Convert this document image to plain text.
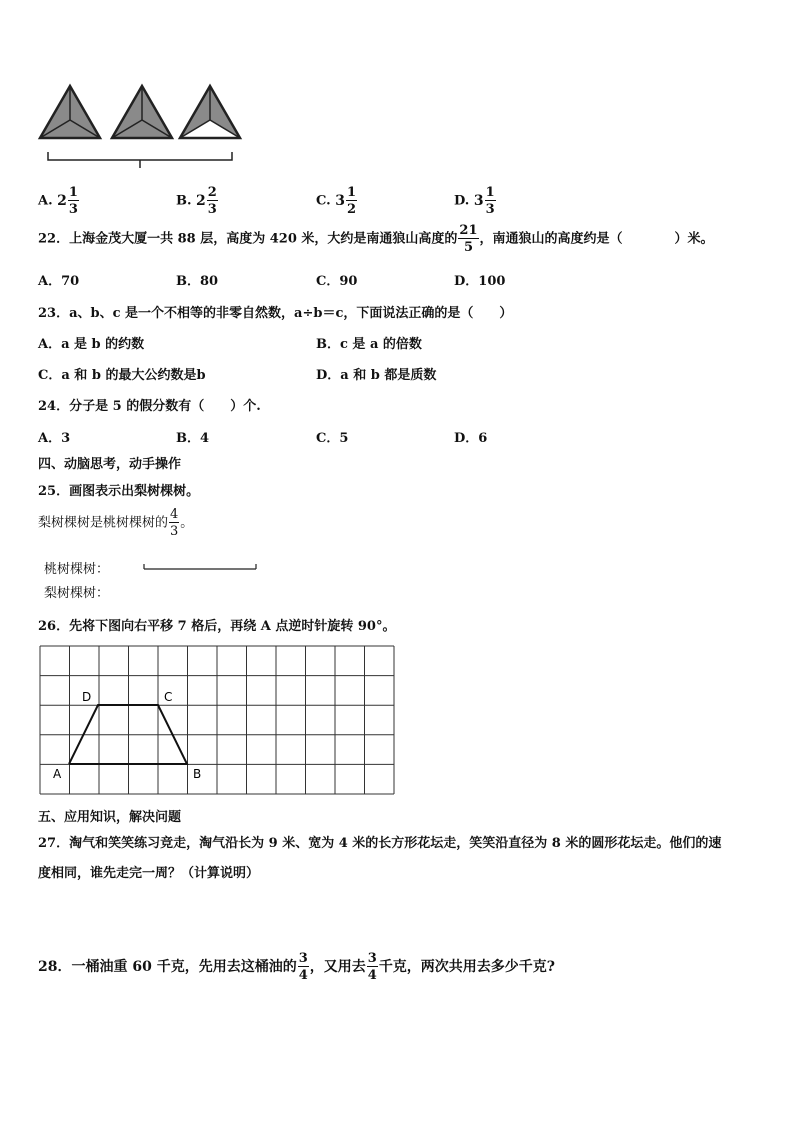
A. $2 \frac{1}{3}$	B. $2 \frac{2}{3}$	C. $3 \frac{1}{2}$	D. $3 \frac{1}{3}$
22．上海金茂大厦一共 88 层，高度为 420 米，大约是南通狼山高度的 $\frac{21}{5}$ ，南通狼山的高度约是（　　　　）米。
A．70	B．80	C．90	D．100
23．a、b、c 是一个不相等的非零自然数，a÷b＝c，下面说法正确的是（　　）
A．a 是 b 的约数	B．c 是 a 的倍数
C．a 和 b 的最大公约数是b	D．a 和 b 都是质数
24．分子是 5 的假分数有（　　）个.
A．3	B．4	C．5	D．6
四、动脑思考，动手操作
25．画图表示出梨树棵树。
梨树棵树是桃树棵树的 $\frac{4}{3}$ 。
桃树棵树：
梨树棵树：
26．先将下图向右平移 7 格后，再绕 A 点逆时针旋转 90°。
A	B
C
D
五、应用知识，解决问题
27．淘气和笑笑练习竞走，淘气沿长为 9 米、宽为 4 米的长方形花坛走，笑笑沿直径为 8 米的圆形花坛走。他们的速
度相同，谁先走完一周？（计算说明）
28．一桶油重 60 千克，先用去这桶油的 $\frac{3}{4}$ ，又用去 $\frac{3}{4}$ 千克，两次共用去多少千克?
